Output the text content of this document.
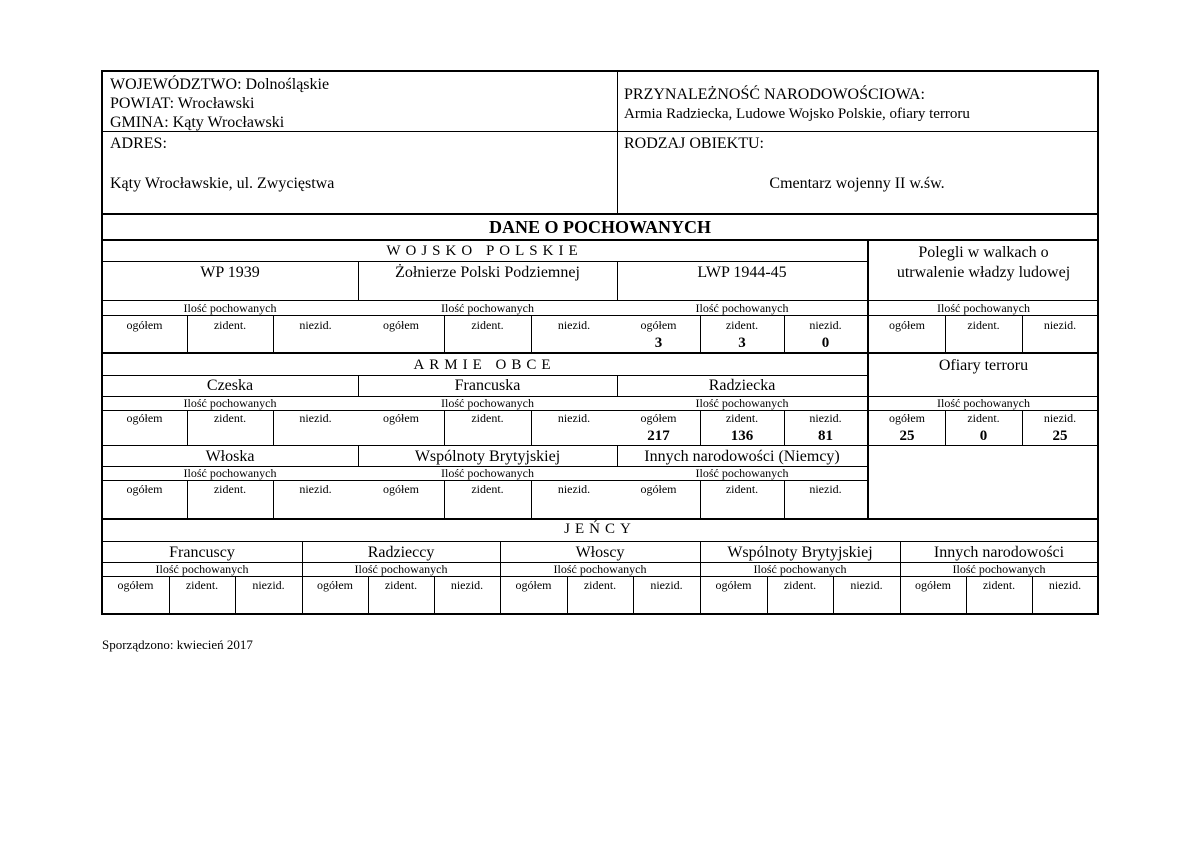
WOJEWÓDZTWO: Dolnośląskie
POWIAT: Wrocławski
GMINA: Kąty Wrocławski
PRZYNALEŻNOŚĆ NARODOWOŚCIOWA:
Armia Radziecka, Ludowe Wojsko Polskie, ofiary terroru
ADRES:
Kąty Wrocławskie, ul. Zwycięstwa
RODZAJ OBIEKTU:
Cmentarz wojenny II w.św.
DANE O POCHOWANYCH
WOJSKO POLSKIE
WP 1939
Ilość pochowanych
ogółem	zident.	niezid.
Żołnierze Polski Podziemnej
Ilość pochowanych
ogółem	zident.	niezid.
LWP 1944-45
Ilość pochowanych
ogółem
3
zident.
3
niezid.
0
Polegli w walkach o
utrwalenie władzy ludowej
Ilość pochowanych
ogółem	zident.	niezid.
ARMIE OBCE
Czeska
Ilość pochowanych
ogółem	zident.	niezid.
Francuska
Ilość pochowanych
ogółem	zident.	niezid.
Radziecka
Ilość pochowanych
ogółem
217
zident.
136
niezid.
81
Włoska
Ilość pochowanych
ogółem	zident.	niezid.
Wspólnoty Brytyjskiej
Ilość pochowanych
ogółem	zident.	niezid.
Innych narodowości (Niemcy)
Ilość pochowanych
ogółem	zident.	niezid.
Ofiary terroru
Ilość pochowanych
ogółem
25
zident.
0
niezid.
25
JEŃCY
Francuscy
Ilość pochowanych
ogółem	zident.	niezid.
Radzieccy
Ilość pochowanych
ogółem	zident.	niezid.
Włoscy
Ilość pochowanych
ogółem	zident.	niezid.
Wspólnoty Brytyjskiej
Ilość pochowanych
ogółem	zident.	niezid.
Innych narodowości
Ilość pochowanych
ogółem	zident.	niezid.
Sporządzono: kwiecień 2017
